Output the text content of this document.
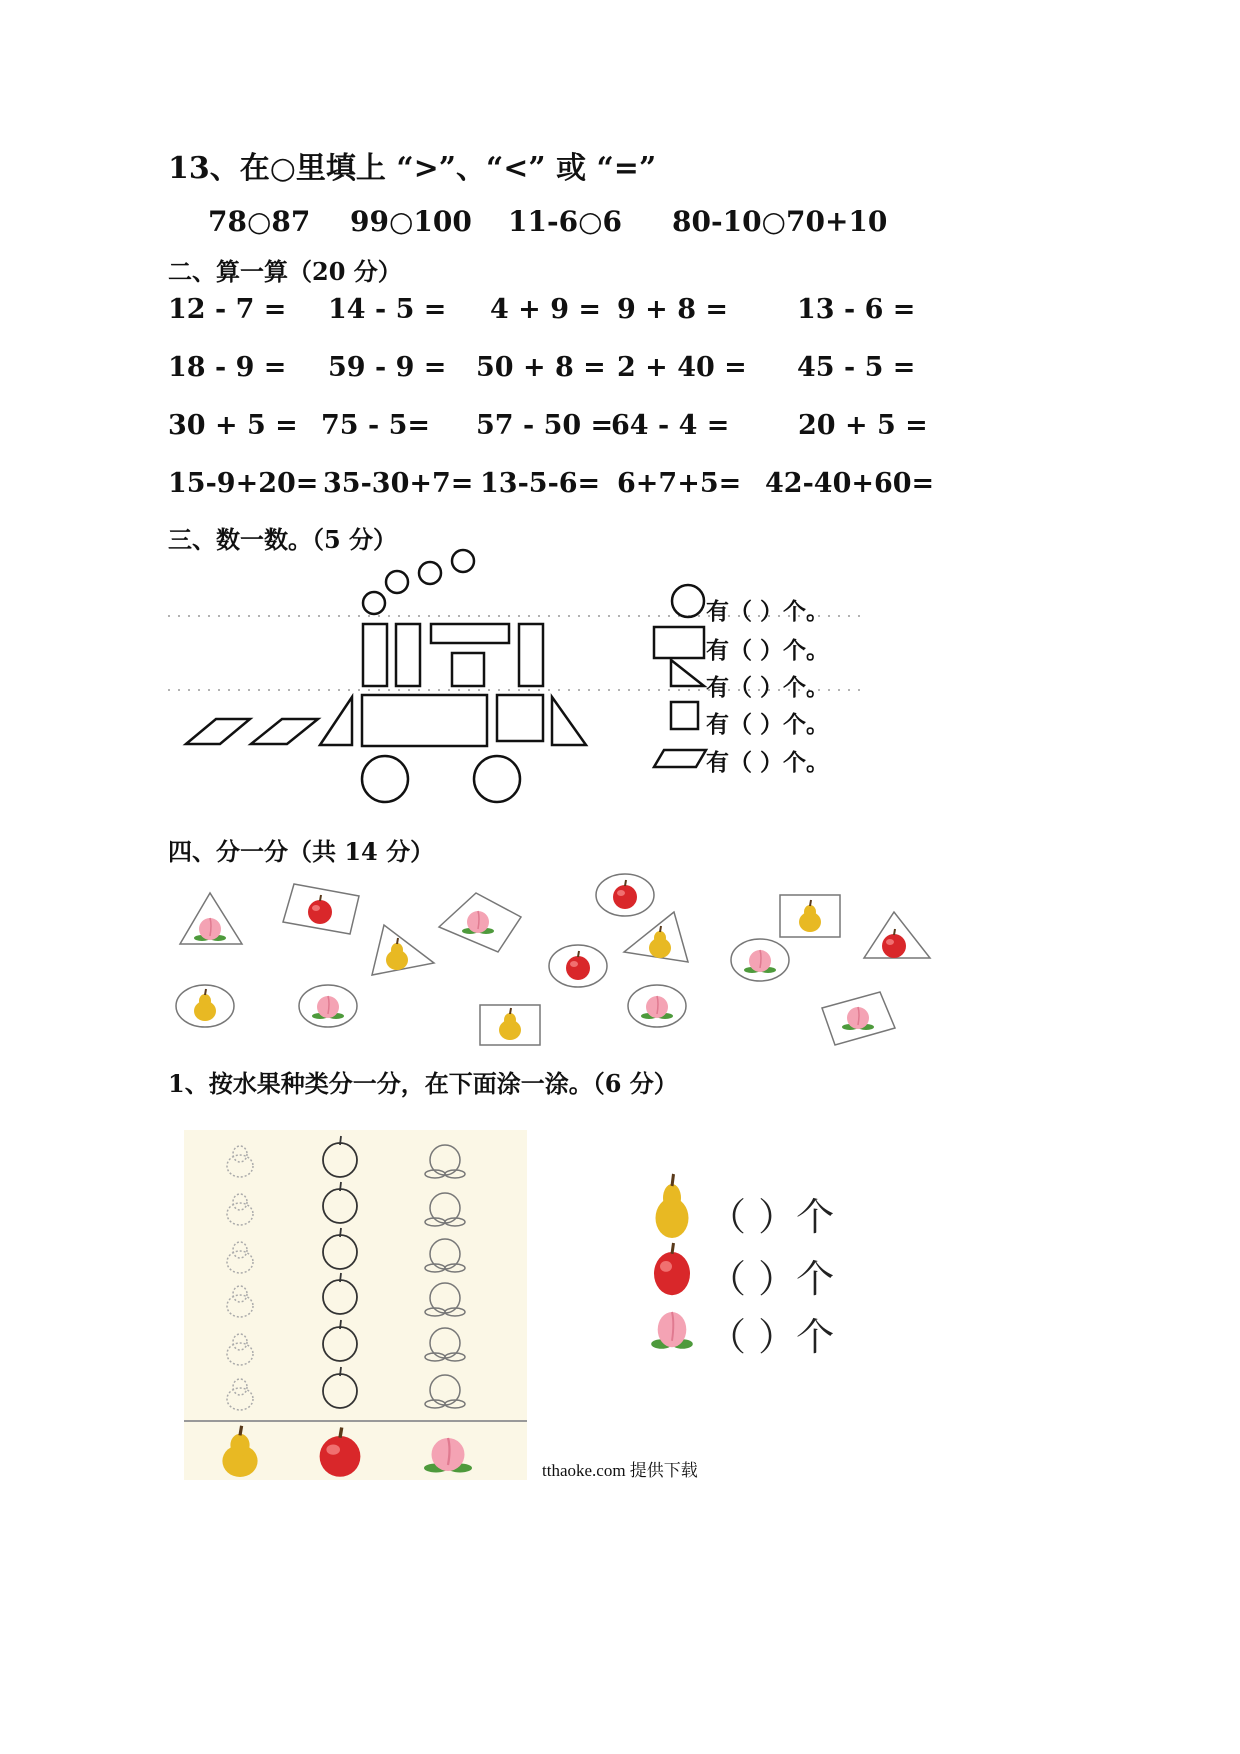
13、在○里填上 “>”、“<” 或 “=”
78○87 99○100 11-6○6 80-10○70+10
二、算一算（20 分）
12 - 7 = 14 - 5 = 4 + 9 = 9 + 8 =	13 - 6 =
18 - 9 = 59 - 9 = 50 + 8 = 2 + 40 = 45 - 5 =
30 + 5 = 75 - 5= 57 - 50 =
64 - 4 =	20 + 5 =
15-9+20= 35-30+7= 13-5-6= 6+7+5= 42-40+60=
三、数一数。（5 分）
有（ ）个。
有（ ）个。
有（ ）个。
有（ ）个。
有（ ）个。
四、分一分（共 14 分）
1、按水果种类分一分，在下面涂一涂。（6 分）
（ ）个
（ ）个
（ ）个
tthaoke.com 提供下载
